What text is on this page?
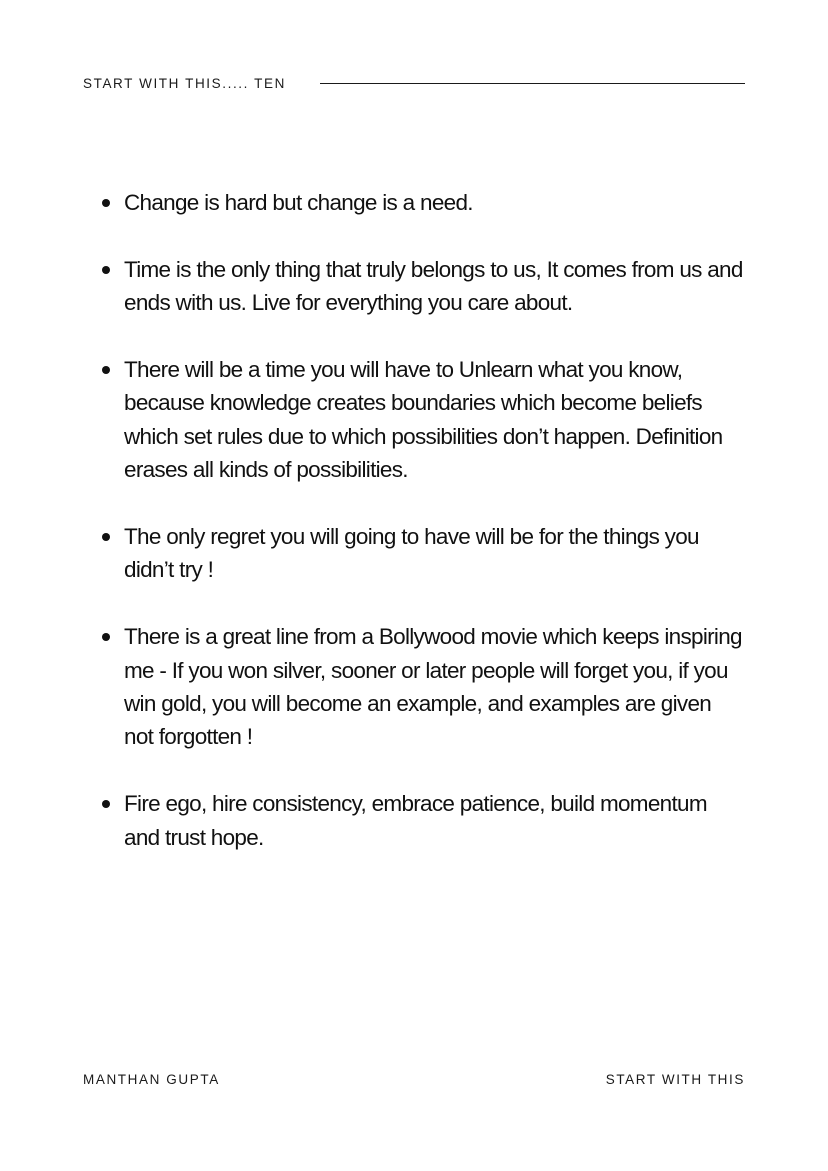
START WITH THIS..... TEN
Change is hard but change is a need.
Time is the only thing that truly belongs to us, It comes from us and ends with us. Live for everything you care about.
There will be a time you will have to Unlearn what you know, because knowledge creates boundaries which become beliefs which set rules due to which possibilities don’t happen. Definition erases all kinds of possibilities.
The only regret you will going to have will be for the things you didn’t try !
There is a great line from a Bollywood movie which keeps inspiring me - If you won silver, sooner or later people will forget you, if you win gold, you will become an example, and examples are given not forgotten !
Fire ego, hire consistency, embrace patience, build momentum and trust hope.
MANTHAN GUPTA	START WITH THIS
